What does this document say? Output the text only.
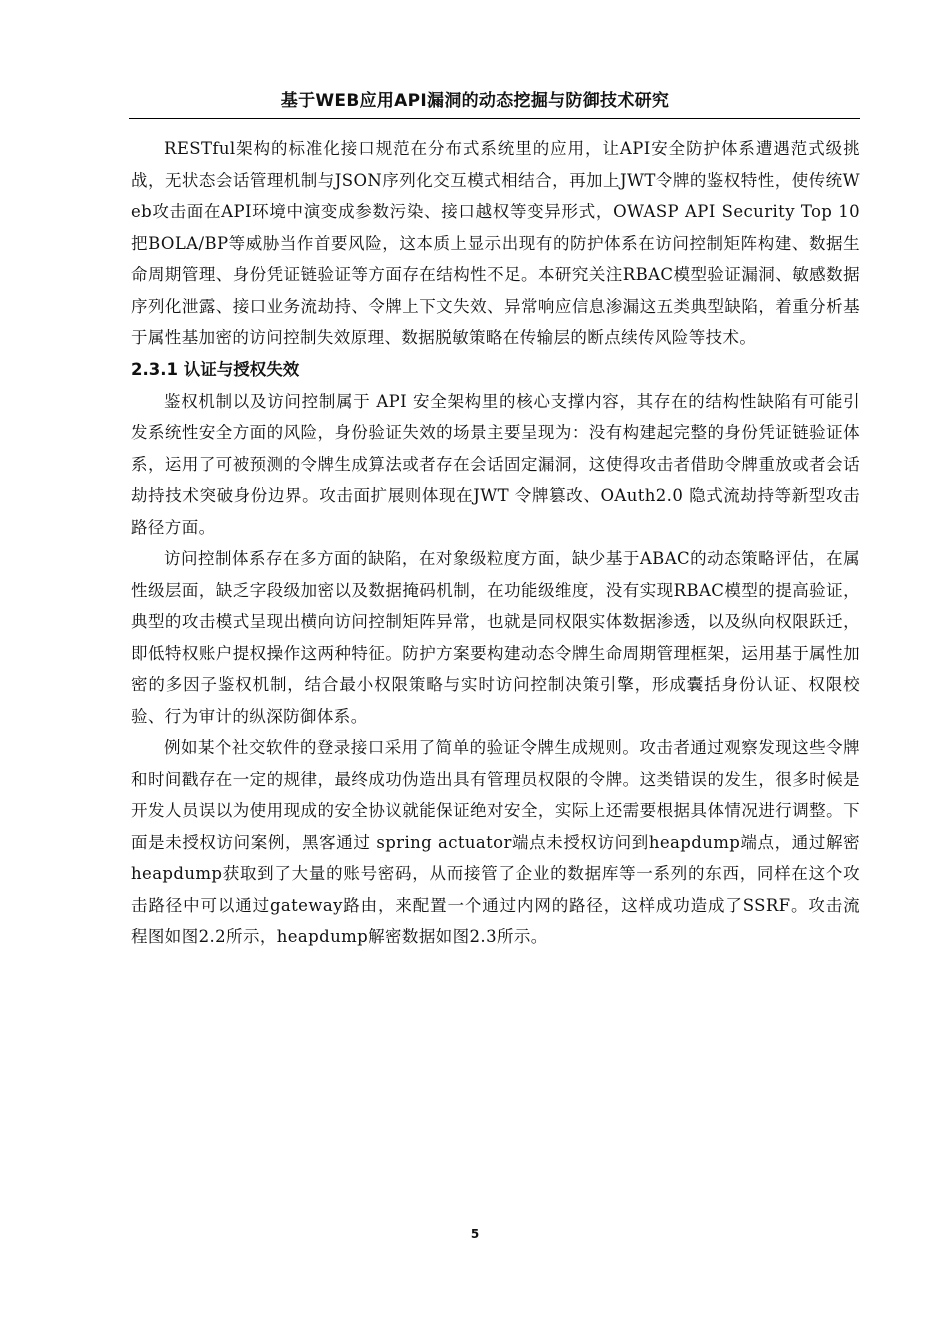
基于WEB应用API漏洞的动态挖掘与防御技术研究

RESTful架构的标准化接口规范在分布式系统里的应用，让API安全防护体系遭遇范式级挑战，无状态会话管理机制与JSON序列化交互模式相结合，再加上JWT令牌的鉴权特性，使传统Web攻击面在API环境中演变成参数污染、接口越权等变异形式，OWASP API Security Top 10把BOLA/BP等威胁当作首要风险，这本质上显示出现有的防护体系在访问控制矩阵构建、数据生命周期管理、身份凭证链验证等方面存在结构性不足。本研究关注RBAC模型验证漏洞、敏感数据序列化泄露、接口业务流劫持、令牌上下文失效、异常响应信息渗漏这五类典型缺陷，着重分析基于属性基加密的访问控制失效原理、数据脱敏策略在传输层的断点续传风险等技术。

2.3.1 认证与授权失效

鉴权机制以及访问控制属于 API 安全架构里的核心支撑内容，其存在的结构性缺陷有可能引发系统性安全方面的风险，身份验证失效的场景主要呈现为：没有构建起完整的身份凭证链验证体系，运用了可被预测的令牌生成算法或者存在会话固定漏洞，这使得攻击者借助令牌重放或者会话劫持技术突破身份边界。攻击面扩展则体现在JWT 令牌篡改、OAuth2.0 隐式流劫持等新型攻击路径方面。

访问控制体系存在多方面的缺陷，在对象级粒度方面，缺少基于ABAC的动态策略评估，在属性级层面，缺乏字段级加密以及数据掩码机制，在功能级维度，没有实现RBAC模型的提高验证，典型的攻击模式呈现出横向访问控制矩阵异常，也就是同权限实体数据渗透，以及纵向权限跃迁，即低特权账户提权操作这两种特征。防护方案要构建动态令牌生命周期管理框架，运用基于属性加密的多因子鉴权机制，结合最小权限策略与实时访问控制决策引擎，形成囊括身份认证、权限校验、行为审计的纵深防御体系。

例如某个社交软件的登录接口采用了简单的验证令牌生成规则。攻击者通过观察发现这些令牌和时间戳存在一定的规律，最终成功伪造出具有管理员权限的令牌。这类错误的发生，很多时候是开发人员误以为使用现成的安全协议就能保证绝对安全，实际上还需要根据具体情况进行调整。下面是未授权访问案例，黑客通过 spring actuator端点未授权访问到heapdump端点，通过解密heapdump获取到了大量的账号密码，从而接管了企业的数据库等一系列的东西，同样在这个攻击路径中可以通过gateway路由，来配置一个通过内网的路径，这样成功造成了SSRF。攻击流程图如图2.2所示，heapdump解密数据如图2.3所示。

5
